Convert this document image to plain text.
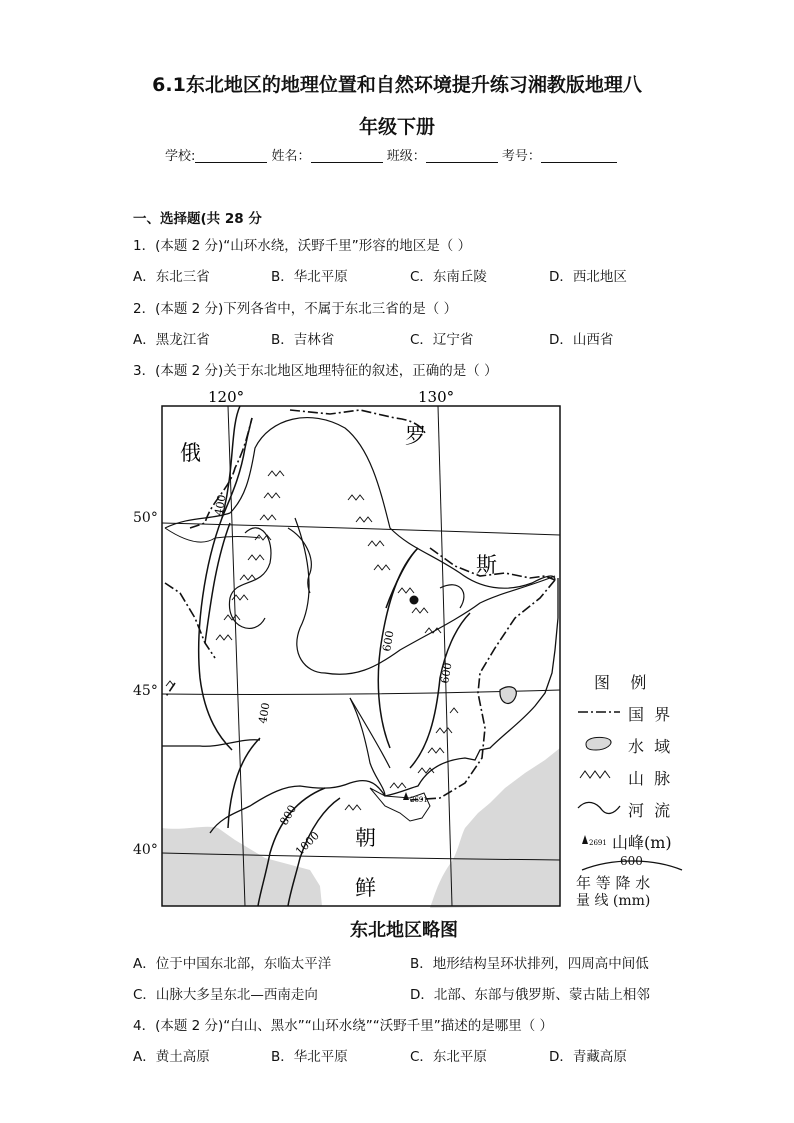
6.1东北地区的地理位置和自然环境提升练习湘教版地理八
年级下册
学校:	姓名：	班级：	考号：
一、选择题(共 28 分
1．(本题 2 分)“山环水绕，沃野千里”形容的地区是（ ）
A．东北三省	B．华北平原	C．东南丘陵	D．西北地区
2．(本题 2 分)下列各省中，不属于东北三省的是（ ）
A．黑龙江省	B．吉林省	C．辽宁省	D．山西省
3．(本题 2 分)关于东北地区地理特征的叙述，正确的是（ ）
120°	130°
400
400
600
600
800
1000
2691
俄
罗
斯
朝
鲜
50°
45°
40°
图    例
2691
国  界
水  域
山  脉
河  流
山峰(m)
600
年 等 降 水
量 线 (mm)
东北地区略图
A．位于中国东北部，东临太平洋	B．地形结构呈环状排列，四周高中间低
C．山脉大多呈东北—西南走向	D．北部、东部与俄罗斯、蒙古陆上相邻
4．(本题 2 分)“白山、黑水”“山环水绕”“沃野千里”描述的是哪里（ ）
A．黄土高原	B．华北平原	C．东北平原	D．青藏高原
